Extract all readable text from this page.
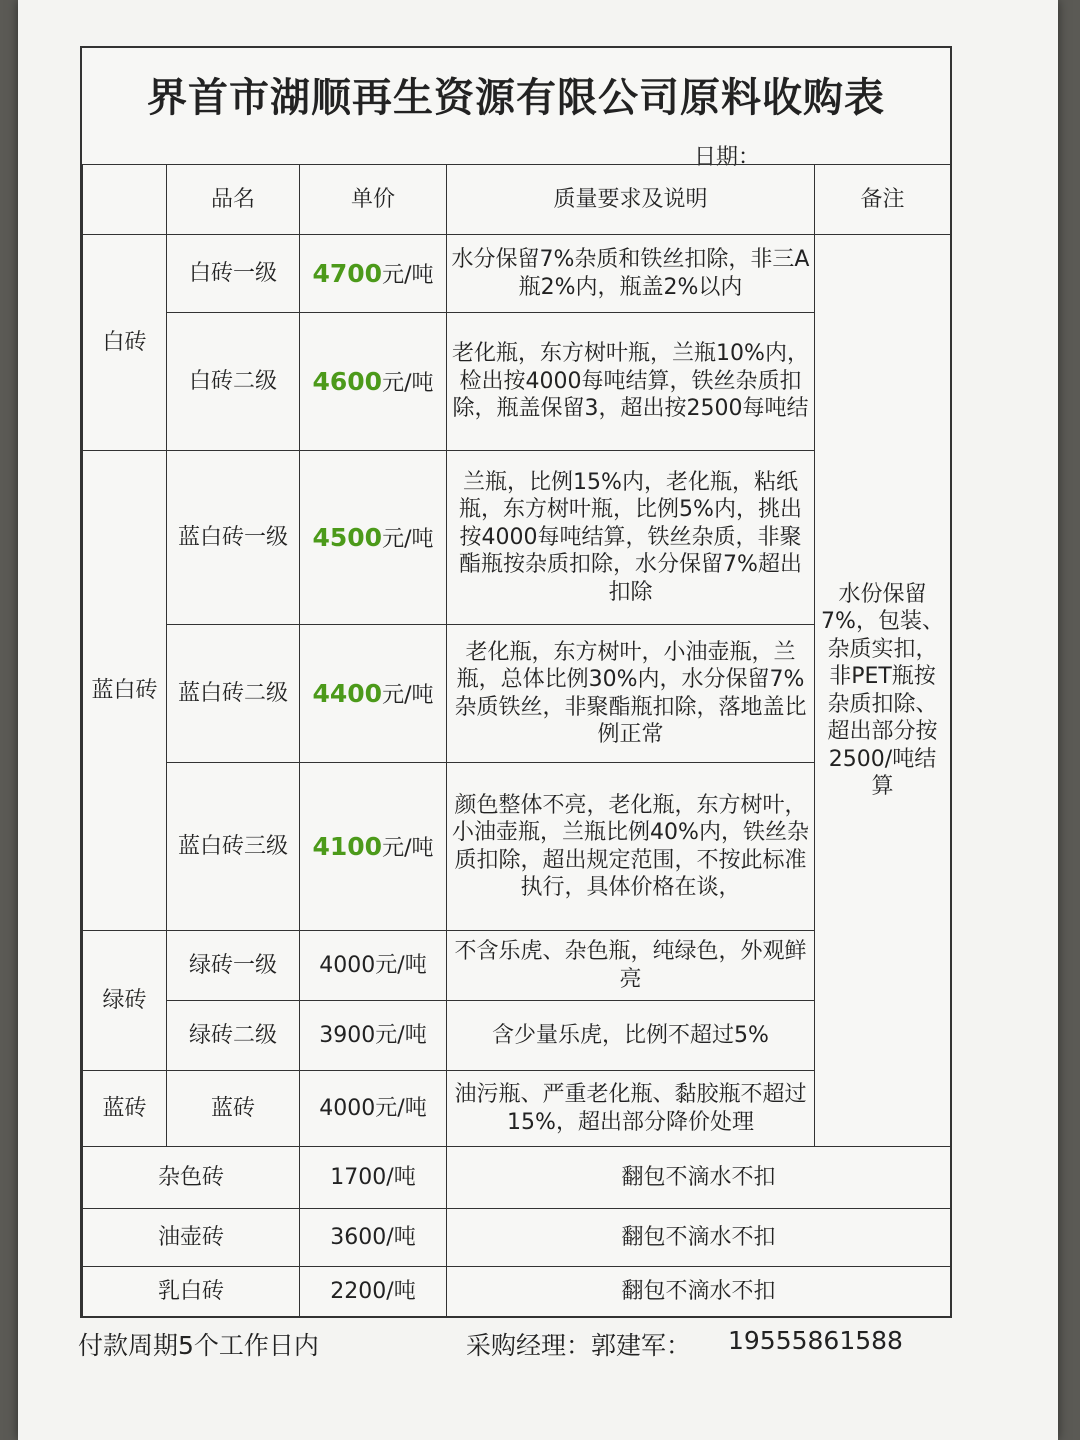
界首市湖顺再生资源有限公司原料收购表
日期：
	品名	单价	质量要求及说明	备注
白砖	白砖一级	4700元/吨	水分保留7%杂质和铁丝扣除，非三A瓶2%内，瓶盖2%以内	水份保留7%，包装、杂质实扣，非PET瓶按杂质扣除、超出部分按2500/吨结算
	白砖二级	4600元/吨	老化瓶，东方树叶瓶，兰瓶10%内，检出按4000每吨结算，铁丝杂质扣除，瓶盖保留3，超出按2500每吨结	
蓝白砖	蓝白砖一级	4500元/吨	兰瓶，比例15%内，老化瓶，粘纸瓶，东方树叶瓶，比例5%内，挑出按4000每吨结算，铁丝杂质，非聚酯瓶按杂质扣除，水分保留7%超出扣除	
	蓝白砖二级	4400元/吨	老化瓶，东方树叶，小油壶瓶，兰瓶，总体比例30%内，水分保留7%杂质铁丝，非聚酯瓶扣除，落地盖比例正常	
	蓝白砖三级	4100元/吨	颜色整体不亮，老化瓶，东方树叶，小油壶瓶，兰瓶比例40%内，铁丝杂质扣除，超出规定范围，不按此标准执行，具体价格在谈，	
绿砖	绿砖一级	4000元/吨	不含乐虎、杂色瓶，纯绿色，外观鲜亮	
	绿砖二级	3900元/吨	含少量乐虎，比例不超过5%	
蓝砖	蓝砖	4000元/吨	油污瓶、严重老化瓶、黏胶瓶不超过15%，超出部分降价处理	
杂色砖		1700/吨	翻包不滴水不扣	
油壶砖		3600/吨	翻包不滴水不扣	
乳白砖		2200/吨	翻包不滴水不扣	
付款周期5个工作日内	采购经理：郭建军： 19555861588
